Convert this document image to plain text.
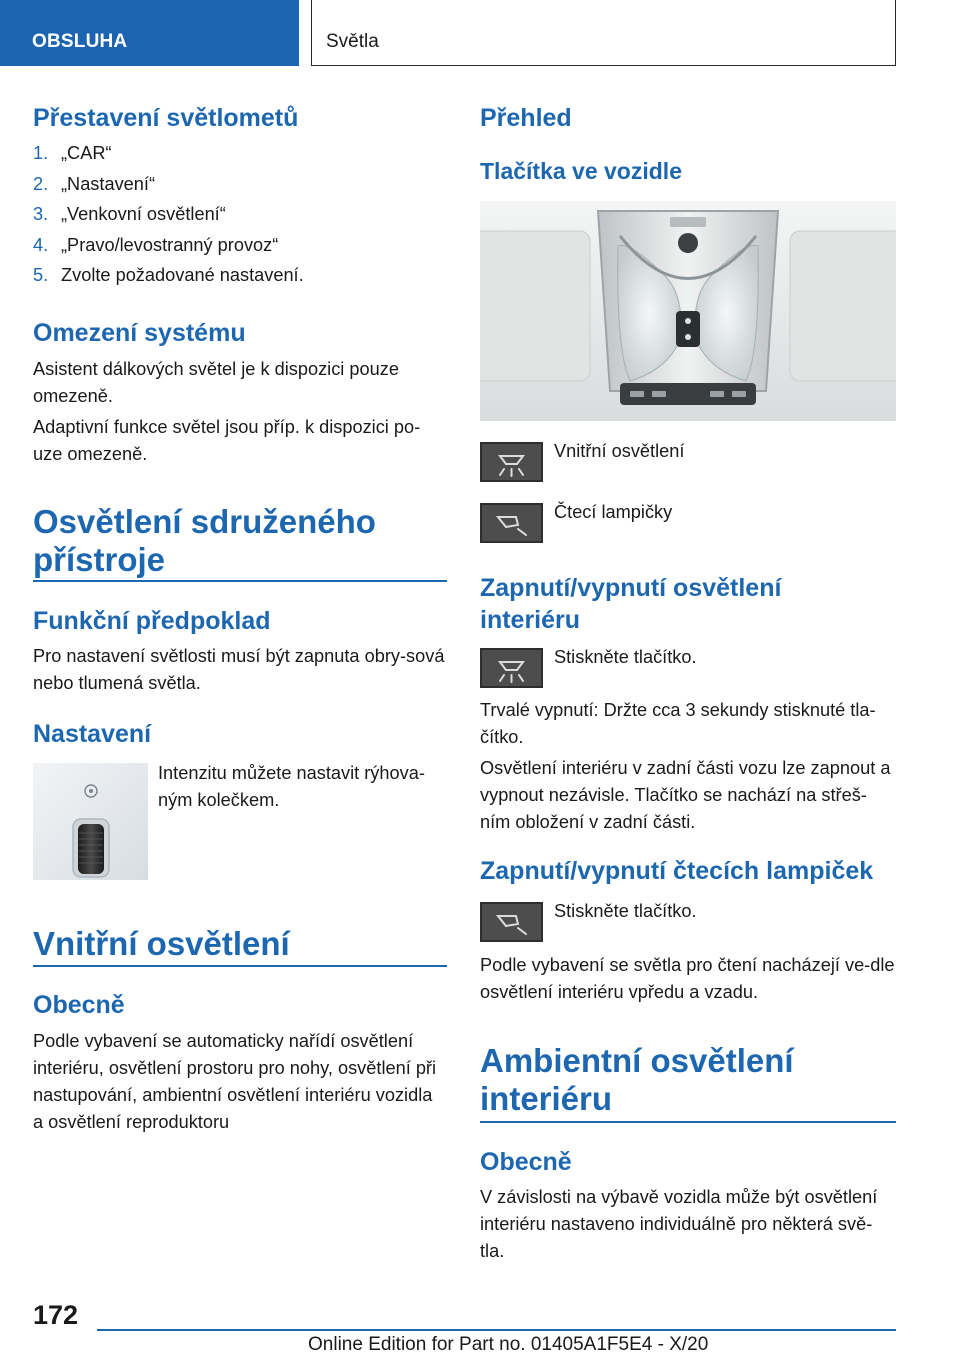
OBSLUHA	Světla
Přestavení světlometů
1. „CAR“
2. „Nastavení“
3. „Venkovní osvětlení“
4. „Pravo/levostranný provoz“
5. Zvolte požadované nastavení.
Omezení systému
Asistent dálkových světel je k dispozici pouze omezeně.
Adaptivní funkce světel jsou příp. k dispozici po-uze omezeně.
Osvětlení sdruženého přístroje
Funkční předpoklad
Pro nastavení světlosti musí být zapnuta obry-sová nebo tlumená světla.
Nastavení
Intenzitu můžete nastavit rýhova-ným kolečkem.
Vnitřní osvětlení
Obecně
Podle vybavení se automaticky nařídí osvětlení interiéru, osvětlení prostoru pro nohy, osvětlení při nastupování, ambientní osvětlení interiéru vozidla a osvětlení reproduktoru
Přehled
Tlačítka ve vozidle
Vnitřní osvětlení
Čtecí lampičky
Zapnutí/vypnutí osvětlení interiéru
Stiskněte tlačítko.
Trvalé vypnutí: Držte cca 3 sekundy stisknuté tla-čítko.
Osvětlení interiéru v zadní části vozu lze zapnout a vypnout nezávisle. Tlačítko se nachází na střeš-ním obložení v zadní části.
Zapnutí/vypnutí čtecích lampiček
Stiskněte tlačítko.
Podle vybavení se světla pro čtení nacházejí ve-dle osvětlení interiéru vpředu a vzadu.
Ambientní osvětlení interiéru
Obecně
V závislosti na výbavě vozidla může být osvětlení interiéru nastaveno individuálně pro některá svě-tla.
172
Online Edition for Part no. 01405A1F5E4 - X/20
